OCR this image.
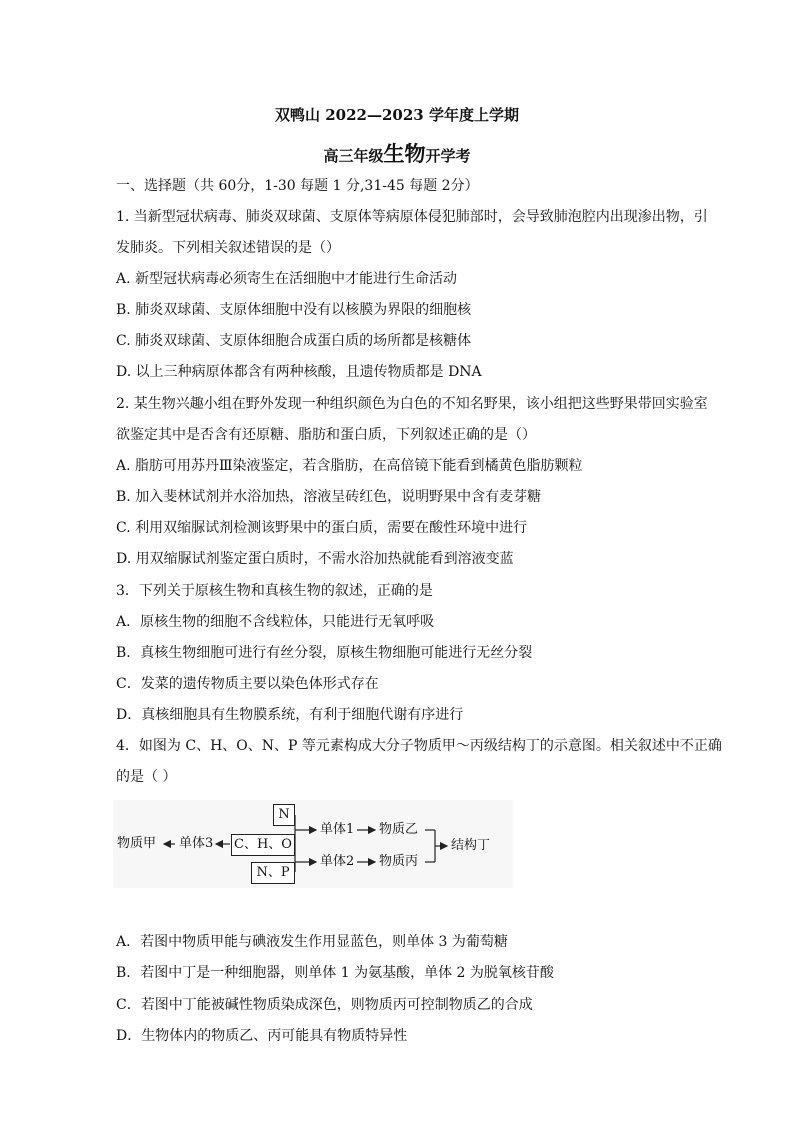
双鸭山 2022—2023 学年度上学期
高三年级生物开学考
一、选择题（共 60分，1-30 每题 1 分,31-45 每题 2分）
1. 当新型冠状病毒、肺炎双球菌、支原体等病原体侵犯肺部时，会导致肺泡腔内出现渗出物，引
发肺炎。下列相关叙述错误的是（）
A. 新型冠状病毒必须寄生在活细胞中才能进行生命活动
B. 肺炎双球菌、支原体细胞中没有以核膜为界限的细胞核
C. 肺炎双球菌、支原体细胞合成蛋白质的场所都是核糖体
D. 以上三种病原体都含有两种核酸，且遗传物质都是 DNA
2. 某生物兴趣小组在野外发现一种组织颜色为白色的不知名野果，该小组把这些野果带回实验室
欲鉴定其中是否含有还原糖、脂肪和蛋白质，下列叙述正确的是（）
A. 脂肪可用苏丹Ⅲ染液鉴定，若含脂肪，在高倍镜下能看到橘黄色脂肪颗粒
B. 加入斐林试剂并水浴加热，溶液呈砖红色，说明野果中含有麦芽糖
C. 利用双缩脲试剂检测该野果中的蛋白质，需要在酸性环境中进行
D. 用双缩脲试剂鉴定蛋白质时，不需水浴加热就能看到溶液变蓝
3．下列关于原核生物和真核生物的叙述，正确的是
A．原核生物的细胞不含线粒体，只能进行无氧呼吸
B．真核生物细胞可进行有丝分裂，原核生物细胞可能进行无丝分裂
C．发菜的遗传物质主要以染色体形式存在
D．真核细胞具有生物膜系统，有利于细胞代谢有序进行
4．如图为 C、H、O、N、P 等元素构成大分子物质甲～丙级结构丁的示意图。相关叙述中不正确
的是（ ）
物质甲 单体3
N
C、H、O
N、P
单体1
单体2
物质乙
物质丙
结构丁
A．若图中物质甲能与碘液发生作用显蓝色，则单体 3 为葡萄糖
B．若图中丁是一种细胞器，则单体 1 为氨基酸，单体 2 为脱氧核苷酸
C．若图中丁能被碱性物质染成深色，则物质丙可控制物质乙的合成
D．生物体内的物质乙、丙可能具有物质特异性
